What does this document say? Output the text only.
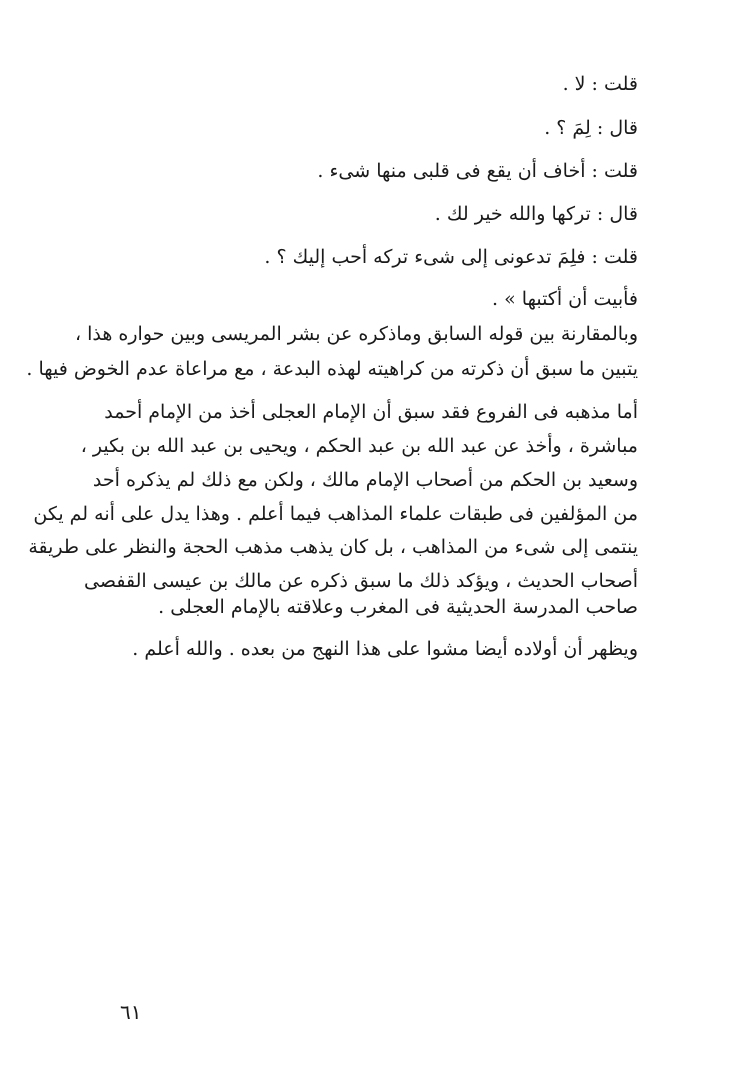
قلت : لا .
قال : لِمَ ؟ .
قلت : أخاف أن يقع فى قلبى منها شىء .
قال : تركها والله خير لك .
قلت : فلِمَ تدعونى إلى شىء تركه أحب إليك ؟ .
فأبيت أن أكتبها » .
وبالمقارنة بين قوله السابق وماذكره عن بشر المريسى وبين حواره هذا ،
يتبين ما سبق أن ذكرته من كراهيته لهذه البدعة ، مع مراعاة عدم الخوض فيها .
أما مذهبه فى الفروع فقد سبق أن الإمام العجلى أخذ من الإمام أحمد
مباشرة ، وأخذ عن عبد الله بن عبد الحكم ، ويحيى بن عبد الله بن بكير ،
وسعيد بن الحكم من أصحاب الإمام مالك ، ولكن مع ذلك لم يذكره أحد
من المؤلفين فى طبقات علماء المذاهب فيما أعلم . وهذا يدل على أنه لم يكن
ينتمى إلى شىء من المذاهب ، بل كان يذهب مذهب الحجة والنظر على طريقة
أصحاب الحديث ، ويؤكد ذلك ما سبق ذكره عن مالك بن عيسى القفصى
صاحب المدرسة الحديثية فى المغرب وعلاقته بالإمام العجلى .
ويظهر أن أولاده أيضا مشوا على هذا النهج من بعده . والله أعلم .
٦١
